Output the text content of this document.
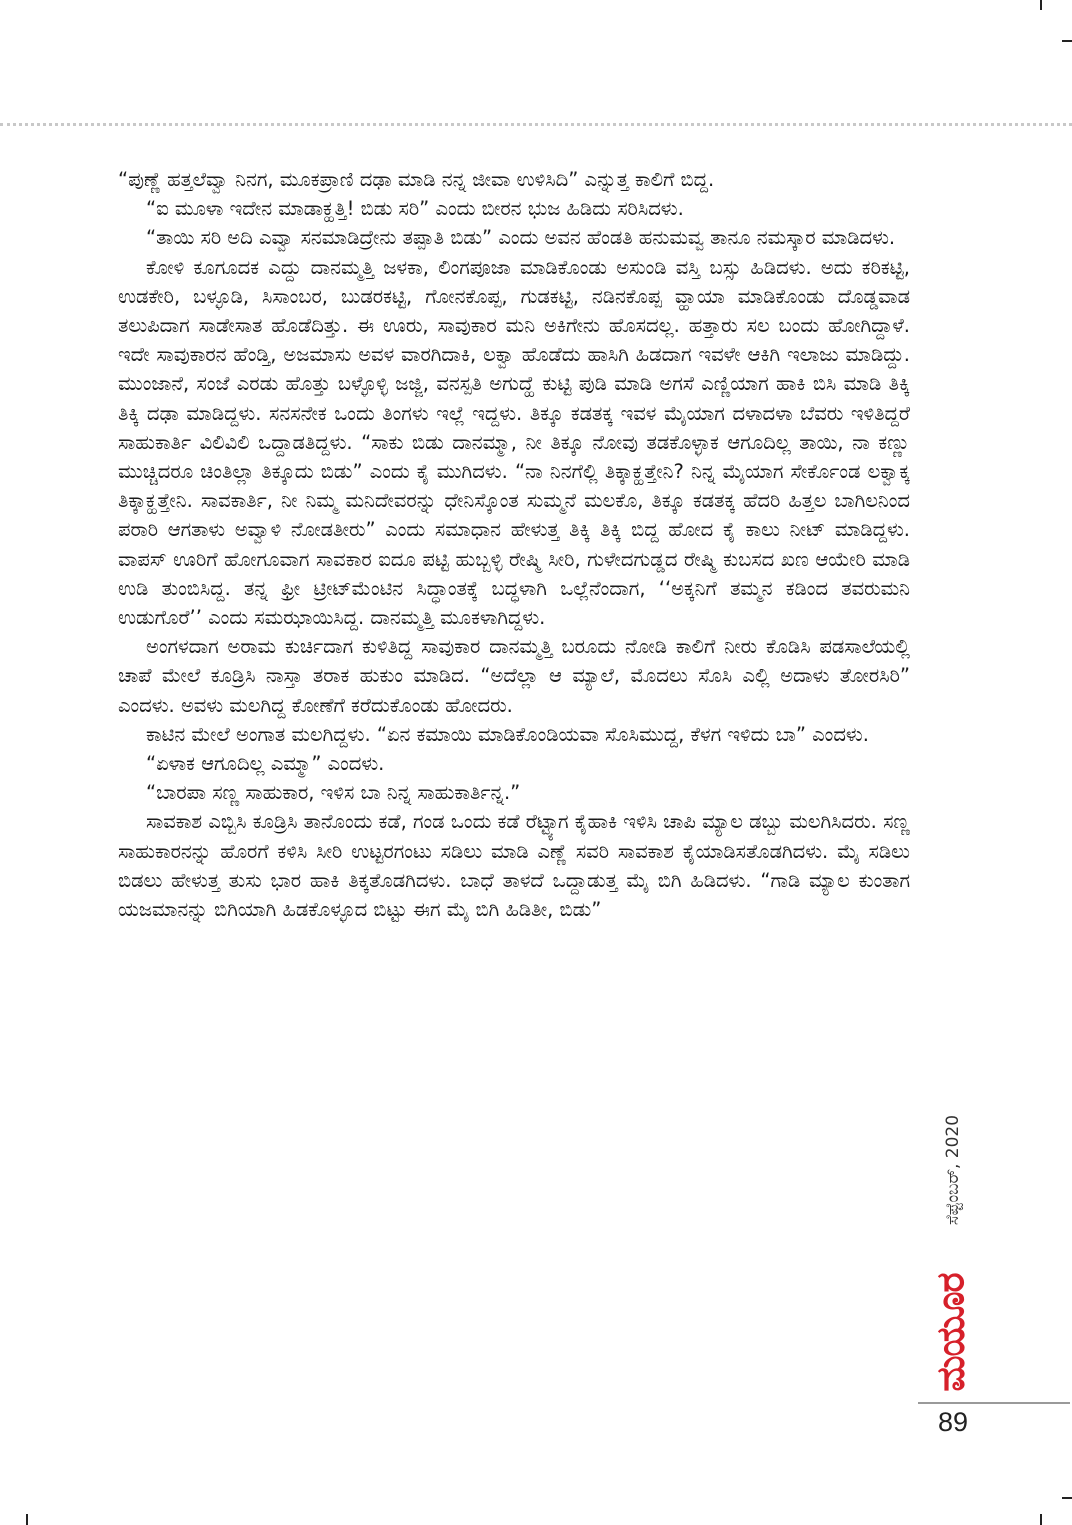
“ಪುಣ್ಣೆ ಹತ್ತಲೆವ್ವಾ ನಿನಗ, ಮೂಕಪ್ರಾಣಿ ದಢಾ ಮಾಡಿ ನನ್ನ ಜೀವಾ ಉಳಿಸಿದಿ” ಎನ್ನುತ್ತ ಕಾಲಿಗೆ ಬಿದ್ದ.

“ಐ ಮೂಳಾ ಇದೇನ ಮಾಡಾಕ್ಹತ್ತಿ! ಬಿಡು ಸರಿ” ಎಂದು ಬೀರನ ಭುಜ ಹಿಡಿದು ಸರಿಸಿದಳು.

“ತಾಯಿ ಸರಿ ಅದಿ ಎವ್ವಾ ಸನಮಾಡಿದ್ರೇನು ತಪ್ಪಾತಿ ಬಿಡು” ಎಂದು ಅವನ ಹೆಂಡತಿ ಹನುಮವ್ವ ತಾನೂ ನಮಸ್ಕಾರ ಮಾಡಿದಳು.

ಕೋಳಿ ಕೂಗೂದಕ ಎದ್ದು ದಾನಮ್ಮತ್ತಿ ಜಳಕಾ, ಲಿಂಗಪೂಜಾ ಮಾಡಿಕೊಂಡು ಅಸುಂಡಿ ವಸ್ತಿ ಬಸ್ಸು ಹಿಡಿದಳು. ಅದು ಕರಿಕಟ್ಟಿ, ಉಡಕೇರಿ, ಬಳ್ಳೂಡಿ, ಸಿಸಾಂಬರ, ಬುಡರಕಟ್ಟಿ, ಗೋನಕೊಪ್ಪ, ಗುಡಕಟ್ಟಿ, ನಡಿನಕೊಪ್ಪ ವ್ಹಾಯಾ ಮಾಡಿಕೊಂಡು ದೊಡ್ಡವಾಡ ತಲುಪಿದಾಗ ಸಾಡೇಸಾತ ಹೊಡೆದಿತ್ತು. ಈ ಊರು, ಸಾವುಕಾರ ಮನಿ ಅಕಿಗೇನು ಹೊಸದಲ್ಲ. ಹತ್ತಾರು ಸಲ ಬಂದು ಹೋಗಿದ್ದಾಳೆ. ಇದೇ ಸಾವುಕಾರನ ಹೆಂಡ್ತಿ, ಅಜಮಾಸು ಅವಳ ವಾರಗಿದಾಕಿ, ಲಕ್ವಾ ಹೊಡೆದು ಹಾಸಿಗಿ ಹಿಡದಾಗ ಇವಳೇ ಆಕಿಗಿ ಇಲಾಜು ಮಾಡಿದ್ದು. ಮುಂಜಾನೆ, ಸಂಜೆ ಎರಡು ಹೊತ್ತು ಬಳ್ಳೊಳ್ಳಿ ಜಜ್ಜಿ, ವನಸ್ಪತಿ ಅಗುದ್ಹೆ ಕುಟ್ಟಿ ಪುಡಿ ಮಾಡಿ ಅಗಸೆ ಎಣ್ಣಿಯಾಗ ಹಾಕಿ ಬಿಸಿ ಮಾಡಿ ತಿಕ್ಕಿ ತಿಕ್ಕಿ ದಢಾ ಮಾಡಿದ್ದಳು. ಸನಸನೇಕ ಒಂದು ತಿಂಗಳು ಇಲ್ಲೆ ಇದ್ದಳು. ತಿಕ್ಕೂ ಕಡತಕ್ಕ ಇವಳ ಮೈಯಾಗ ದಳಾದಳಾ ಬೆವರು ಇಳಿತಿದ್ದರೆ ಸಾಹುಕಾರ್ತಿ ವಿಲಿವಿಲಿ ಒದ್ದಾಡತಿದ್ದಳು. “ಸಾಕು ಬಿಡು ದಾನಮ್ಮಾ, ನೀ ತಿಕ್ಕೂ ನೋವು ತಡಕೊಳ್ಳಾಕ ಆಗೂದಿಲ್ಲ ತಾಯಿ, ನಾ ಕಣ್ಣು ಮುಚ್ಚಿದರೂ ಚಿಂತಿಲ್ಲಾ ತಿಕ್ಕೂದು ಬಿಡು” ಎಂದು ಕೈ ಮುಗಿದಳು. “ನಾ ನಿನಗೆಲ್ಲಿ ತಿಕ್ಕಾಕ್ಹತ್ತೇನಿ? ನಿನ್ನ ಮೈಯಾಗ ಸೇರ್ಕೊಂಡ ಲಕ್ವಾಕ್ಕ ತಿಕ್ಕಾಕ್ಹತ್ತೇನಿ. ಸಾವಕಾರ್ತಿ, ನೀ ನಿಮ್ಮ ಮನಿದೇವರನ್ನು ಧೇನಿಸ್ಕೊಂತ ಸುಮ್ಮನೆ ಮಲಕೊ, ತಿಕ್ಕೂ ಕಡತಕ್ಕ ಹೆದರಿ ಹಿತ್ತಲ ಬಾಗಿಲನಿಂದ ಪರಾರಿ ಆಗತಾಳು ಅವ್ವಾಳಿ ನೋಡತೀರು” ಎಂದು ಸಮಾಧಾನ ಹೇಳುತ್ತ ತಿಕ್ಕಿ ತಿಕ್ಕಿ ಬಿದ್ದ ಹೋದ ಕೈ ಕಾಲು ನೀಟ್ ಮಾಡಿದ್ದಳು. ವಾಪಸ್ ಊರಿಗೆ ಹೋಗೂವಾಗ ಸಾವಕಾರ ಐದೂ ಪಟ್ಟಿ ಹುಬ್ಬಳ್ಳಿ ರೇಷ್ಮಿ ಸೀರಿ, ಗುಳೇದಗುಡ್ಡದ ರೇಷ್ಮಿ ಕುಬಸದ ಖಣ ಆಯೇರಿ ಮಾಡಿ ಉಡಿ ತುಂಬಿಸಿದ್ದ. ತನ್ನ ಫ್ರೀ ಟ್ರೀಟ್‌ಮೆಂಟಿನ ಸಿದ್ಧಾಂತಕ್ಕೆ ಬದ್ಧಳಾಗಿ ಒಲ್ಲೆನೆಂದಾಗ, ‘‘ಅಕ್ಕನಿಗೆ ತಮ್ಮನ ಕಡಿಂದ ತವರುಮನಿ ಉಡುಗೊರೆ’’ ಎಂದು ಸಮಝಾಯಿಸಿದ್ದ. ದಾನಮ್ಮತ್ತಿ ಮೂಕಳಾಗಿದ್ದಳು.

ಅಂಗಳದಾಗ ಅರಾಮ ಕುರ್ಚಿದಾಗ ಕುಳಿತಿದ್ದ ಸಾವುಕಾರ ದಾನಮ್ಮತ್ತಿ ಬರೂದು ನೋಡಿ ಕಾಲಿಗೆ ನೀರು ಕೊಡಿಸಿ ಪಡಸಾಲೆಯಲ್ಲಿ ಚಾಪೆ ಮೇಲೆ ಕೂಡ್ರಿಸಿ ನಾಸ್ತಾ ತರಾಕ ಹುಕುಂ ಮಾಡಿದ. “ಅದೆಲ್ಲಾ ಆ ಮ್ಯಾಲೆ, ಮೊದಲು ಸೊಸಿ ಎಲ್ಲಿ ಅದಾಳು ತೋರಸಿರಿ” ಎಂದಳು. ಅವಳು ಮಲಗಿದ್ದ ಕೋಣೆಗೆ ಕರೆದುಕೊಂಡು ಹೋದರು.

ಕಾಟಿನ ಮೇಲೆ ಅಂಗಾತ ಮಲಗಿದ್ದಳು. “ಏನ ಕಮಾಯಿ ಮಾಡಿಕೊಂಡಿಯವಾ ಸೊಸಿಮುದ್ದ, ಕೆಳಗ ಇಳಿದು ಬಾ” ಎಂದಳು.

“ಏಳಾಕ ಆಗೂದಿಲ್ಲ ಎಮ್ಮಾ” ಎಂದಳು.

“ಬಾರಪಾ ಸಣ್ಣ ಸಾಹುಕಾರ, ಇಳಿಸ ಬಾ ನಿನ್ನ ಸಾಹುಕಾರ್ತಿನ್ನ.”

ಸಾವಕಾಶ ಎಬ್ಬಿಸಿ ಕೂಡ್ರಿಸಿ ತಾನೊಂದು ಕಡೆ, ಗಂಡ ಒಂದು ಕಡೆ ರೆಟ್ಟ್ಯಾಗ ಕೈಹಾಕಿ ಇಳಿಸಿ ಚಾಪಿ ಮ್ಯಾಲ ಡಬ್ಬು ಮಲಗಿಸಿದರು. ಸಣ್ಣ ಸಾಹುಕಾರನನ್ನು ಹೊರಗೆ ಕಳಿಸಿ ಸೀರಿ ಉಟ್ಟರಗಂಟು ಸಡಿಲು ಮಾಡಿ ಎಣ್ಣೆ ಸವರಿ ಸಾವಕಾಶ ಕೈಯಾಡಿಸತೊಡಗಿದಳು. ಮೈ ಸಡಿಲು ಬಿಡಲು ಹೇಳುತ್ತ ತುಸು ಭಾರ ಹಾಕಿ ತಿಕ್ಕತೊಡಗಿದಳು. ಬಾಧೆ ತಾಳದೆ ಒದ್ದಾಡುತ್ತ ಮೈ ಬಿಗಿ ಹಿಡಿದಳು. “ಗಾಡಿ ಮ್ಯಾಲ ಕುಂತಾಗ ಯಜಮಾನನ್ನು ಬಿಗಿಯಾಗಿ ಹಿಡಕೊಳ್ಳೂದ ಬಿಟ್ಟು ಈಗ ಮೈ ಬಿಗಿ ಹಿಡಿತೀ, ಬಿಡು”

ಸೆಪ್ಟೆಂಬರ್, 2020
ಮಯೂರ
89
